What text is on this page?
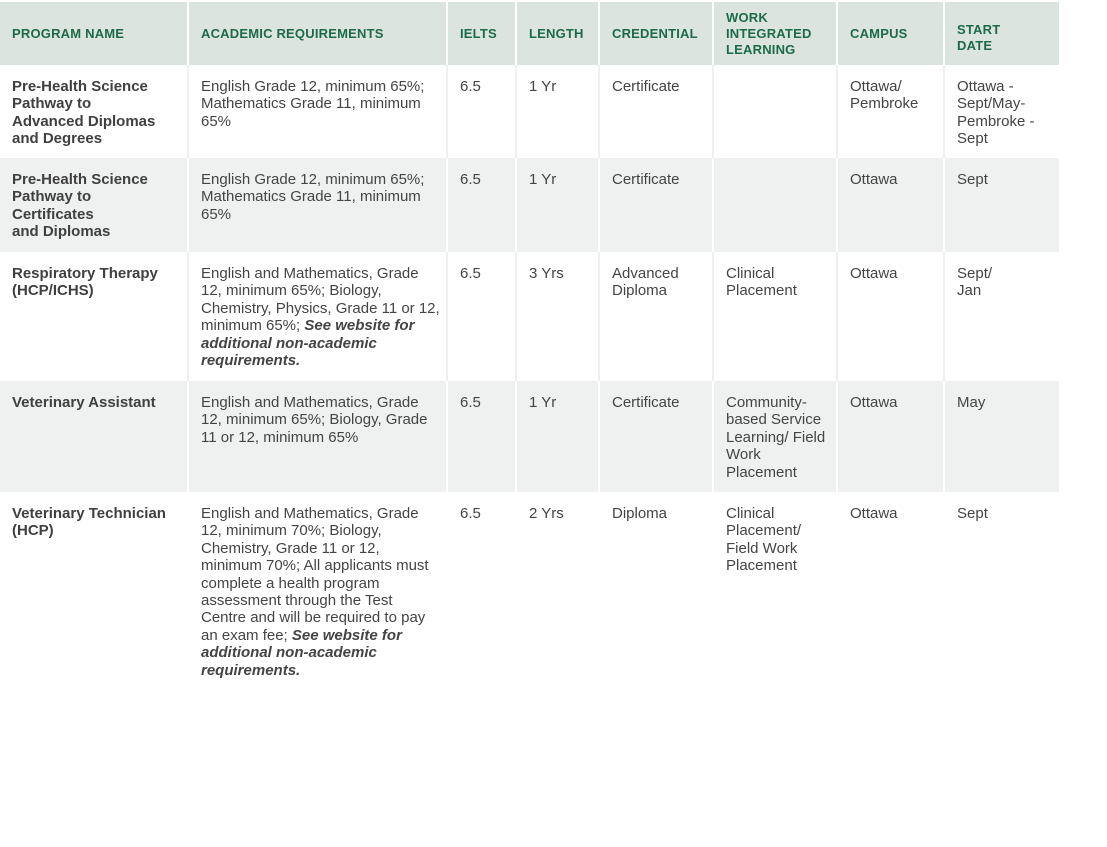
PROGRAM NAME	ACADEMIC REQUIREMENTS	IELTS	LENGTH	CREDENTIAL	WORK
INTEGRATED
LEARNING	CAMPUS	START
DATE

Pre-Health Science
Pathway to
Advanced Diplomas
and Degrees	English Grade 12, minimum 65%; Mathematics Grade 11, minimum 65%	6.5	1 Yr	Certificate		Ottawa/
Pembroke	Ottawa -
Sept/May-
Pembroke -
Sept

Pre-Health Science
Pathway to
Certificates
and Diplomas	English Grade 12, minimum 65%; Mathematics Grade 11, minimum 65%	6.5	1 Yr	Certificate		Ottawa	Sept

Respiratory Therapy
(HCP/ICHS)	English and Mathematics, Grade 12, minimum 65%; Biology, Chemistry, Physics, Grade 11 or 12, minimum 65%; See website for additional non-academic requirements.	6.5	3 Yrs	Advanced Diploma	Clinical Placement	Ottawa	Sept/
Jan

Veterinary Assistant	English and Mathematics, Grade 12, minimum 65%; Biology, Grade 11 or 12, minimum 65%	6.5	1 Yr	Certificate	Community-based Service Learning/ Field Work Placement	Ottawa	May

Veterinary Technician
(HCP)	English and Mathematics, Grade 12, minimum 70%; Biology, Chemistry, Grade 11 or 12, minimum 70%; All applicants must complete a health program assessment through the Test Centre and will be required to pay an exam fee; See website for additional non-academic requirements.	6.5	2 Yrs	Diploma	Clinical Placement/ Field Work Placement	Ottawa	Sept
